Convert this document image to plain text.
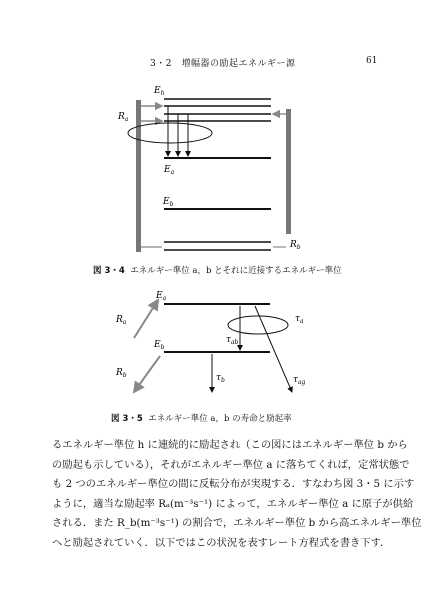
3・2　増幅器の励起エネルギー源	61
$E_h$
$R_a$
$E_a$
$E_b$
$R_b$
$E_a$
$E_b$
$R_a$
$R_b$
$\tau_a$
$\tau_{ab}$
$\tau_b$	$\tau_{ag}$
図 3・4 エネルギー準位 a，b とそれに近接するエネルギー準位
図 3・5 エネルギー準位 a，b の寿命と励起率

るエネルギー準位 h に連続的に励起され（この図にはエネルギー準位 b から

の励起も示している），それがエネルギー準位 a に落ちてくれば，定常状態で

も 2 つのエネルギー準位の間に反転分布が実現する．すなわち図 3・5 に示す

ように，適当な励起率 Rₐ(m⁻³s⁻¹) によって，エネルギー準位 a に原子が供給

される．また R_b(m⁻³s⁻¹) の割合で，エネルギー準位 b から高エネルギー準位

へと励起されていく．以下ではこの状況を表すレート方程式を書き下す．
